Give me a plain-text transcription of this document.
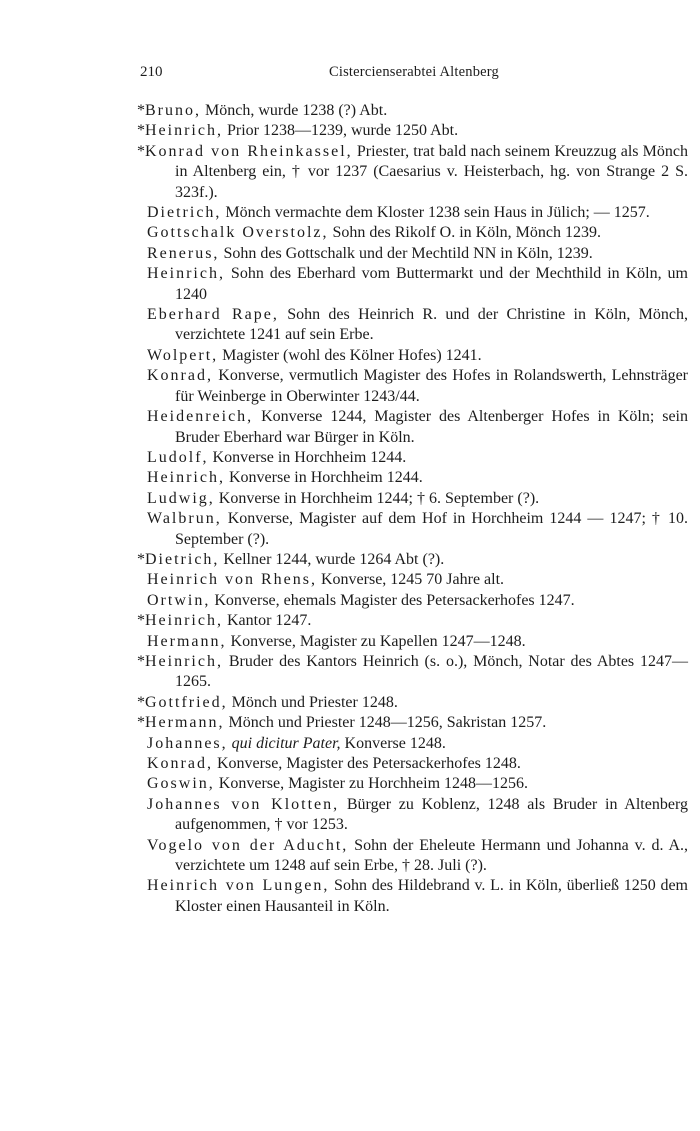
210	Cistercienserabtei Altenberg

*Bruno, Mönch, wurde 1238 (?) Abt.

*Heinrich, Prior 1238—1239, wurde 1250 Abt.

*Konrad von Rheinkassel, Priester, trat bald nach seinem Kreuzzug als Mönch in Altenberg ein, † vor 1237 (Caesarius v. Heisterbach, hg. von Strange 2 S. 323f.).

Dietrich, Mönch vermachte dem Kloster 1238 sein Haus in Jülich; — 1257.

Gottschalk Overstolz, Sohn des Rikolf O. in Köln, Mönch 1239.

Renerus, Sohn des Gottschalk und der Mechtild NN in Köln, 1239.

Heinrich, Sohn des Eberhard vom Buttermarkt und der Mechthild in Köln, um 1240

Eberhard Rape, Sohn des Heinrich R. und der Christine in Köln, Mönch, verzichtete 1241 auf sein Erbe.

Wolpert, Magister (wohl des Kölner Hofes) 1241.

Konrad, Konverse, vermutlich Magister des Hofes in Rolandswerth, Lehnsträger für Weinberge in Oberwinter 1243/44.

Heidenreich, Konverse 1244, Magister des Altenberger Hofes in Köln; sein Bruder Eberhard war Bürger in Köln.

Ludolf, Konverse in Horchheim 1244.

Heinrich, Konverse in Horchheim 1244.

Ludwig, Konverse in Horchheim 1244; † 6. September (?).

Walbrun, Konverse, Magister auf dem Hof in Horchheim 1244 — 1247; † 10. September (?).

*Dietrich, Kellner 1244, wurde 1264 Abt (?).

Heinrich von Rhens, Konverse, 1245 70 Jahre alt.

Ortwin, Konverse, ehemals Magister des Petersackerhofes 1247.

*Heinrich, Kantor 1247.

Hermann, Konverse, Magister zu Kapellen 1247—1248.

*Heinrich, Bruder des Kantors Heinrich (s. o.), Mönch, Notar des Abtes 1247—1265.

*Gottfried, Mönch und Priester 1248.

*Hermann, Mönch und Priester 1248—1256, Sakristan 1257.

Johannes, qui dicitur Pater, Konverse 1248.

Konrad, Konverse, Magister des Petersackerhofes 1248.

Goswin, Konverse, Magister zu Horchheim 1248—1256.

Johannes von Klotten, Bürger zu Koblenz, 1248 als Bruder in Altenberg aufgenommen, † vor 1253.

Vogelo von der Aducht, Sohn der Eheleute Hermann und Johanna v. d. A., verzichtete um 1248 auf sein Erbe, † 28. Juli (?).

Heinrich von Lungen, Sohn des Hildebrand v. L. in Köln, überließ 1250 dem Kloster einen Hausanteil in Köln.
